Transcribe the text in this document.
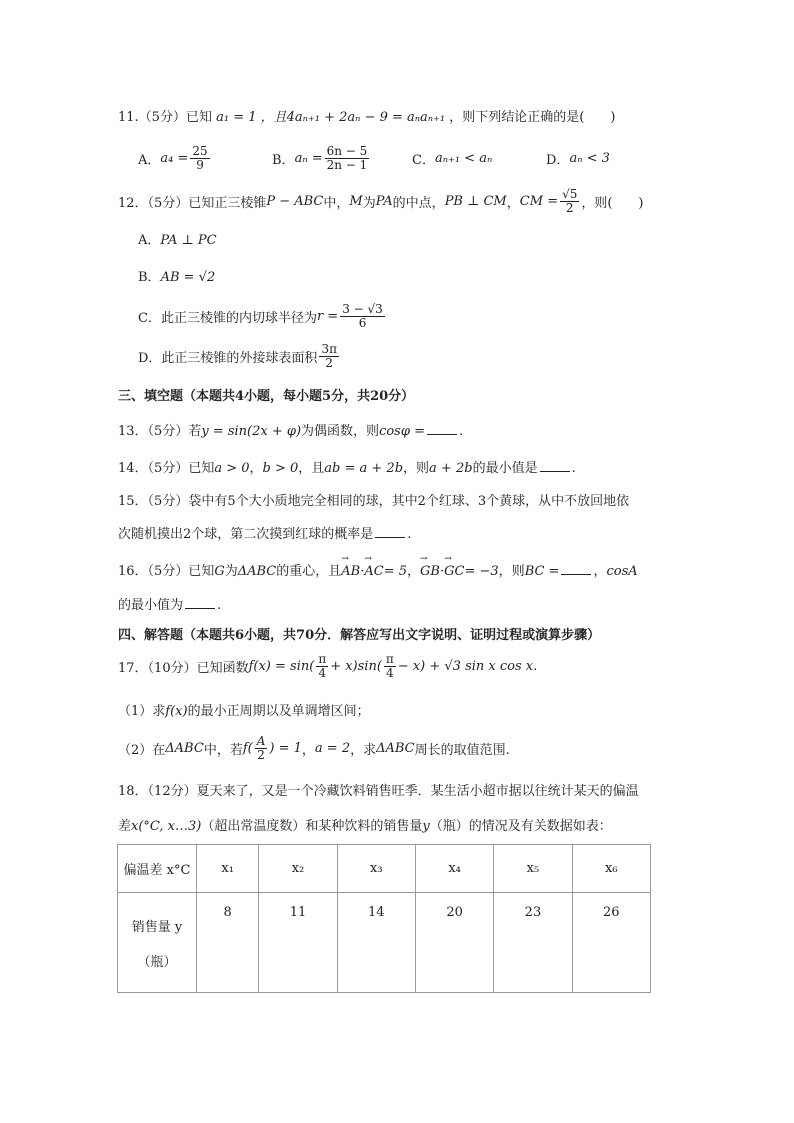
11.（5分）已知 a₁ = 1 ，且4aₙ₊₁ + 2aₙ − 9 = aₙaₙ₊₁ ，则下列结论正确的是(　　)
A． $a_4 = \frac{25}{9}$	B． $a_n = \frac{6n - 5}{2n - 1}$	C． aₙ₊₁ < aₙ	D． aₙ < 3
12．（5分）已知正三棱锥 P − ABC 中， M 为 PA 的中点， PB ⊥ CM ， CM = $\frac{√5}{2}$ ，则(　　)
A．PA ⊥ PC
B．AB = √2
C．此正三棱锥的内切球半径为 $r = \frac{3 - √3}{6}$
D．此正三棱锥的外接球表面积 $\frac{3\pi}{2}$
三、填空题（本题共4小题，每小题5分，共20分）
13．（5分）若y = sin(2x + φ)为偶函数，则cosφ =	.
14．（5分）已知a > 0，b > 0，且ab = a + 2b，则a + 2b的最小值是	.
15．（5分）袋中有5个大小质地完全相同的球，其中2个红球、3个黄球，从中不放回地依
次随机摸出2个球，第二次摸到红球的概率是	.
16．（5分）已知G为ΔABC的重心，且→ AB·→ AC= 5，→ GB·→ GC= −3，则BC =	，cosA
的最小值为	.
四、解答题（本题共6小题，共70分．解答应写出文字说明、证明过程或演算步骤）
17．（10分）已知函数 $f(x) = \sin( \frac{\pi}{4} + x)\sin( \frac{\pi}{4} - x) + √3$ sin x cos x .
（1）求f(x)的最小正周期以及单调增区间；
（2）在 ΔABC 中，若 $f( \frac{A}{2}$ ) = 1 ， a = 2 ，求 ΔABC 周长的取值范围.
18．（12分）夏天来了，又是一个冷藏饮料销售旺季．某生活小超市据以往统计某天的偏温
差x(°C, x…3)（超出常温度数）和某种饮料的销售量y（瓶）的情况及有关数据如表：
偏温差 x°C	x₁	x₂	x₃	x₄	x₅	x₆

销售量 y
（瓶）	8	11	14	20	23	26
